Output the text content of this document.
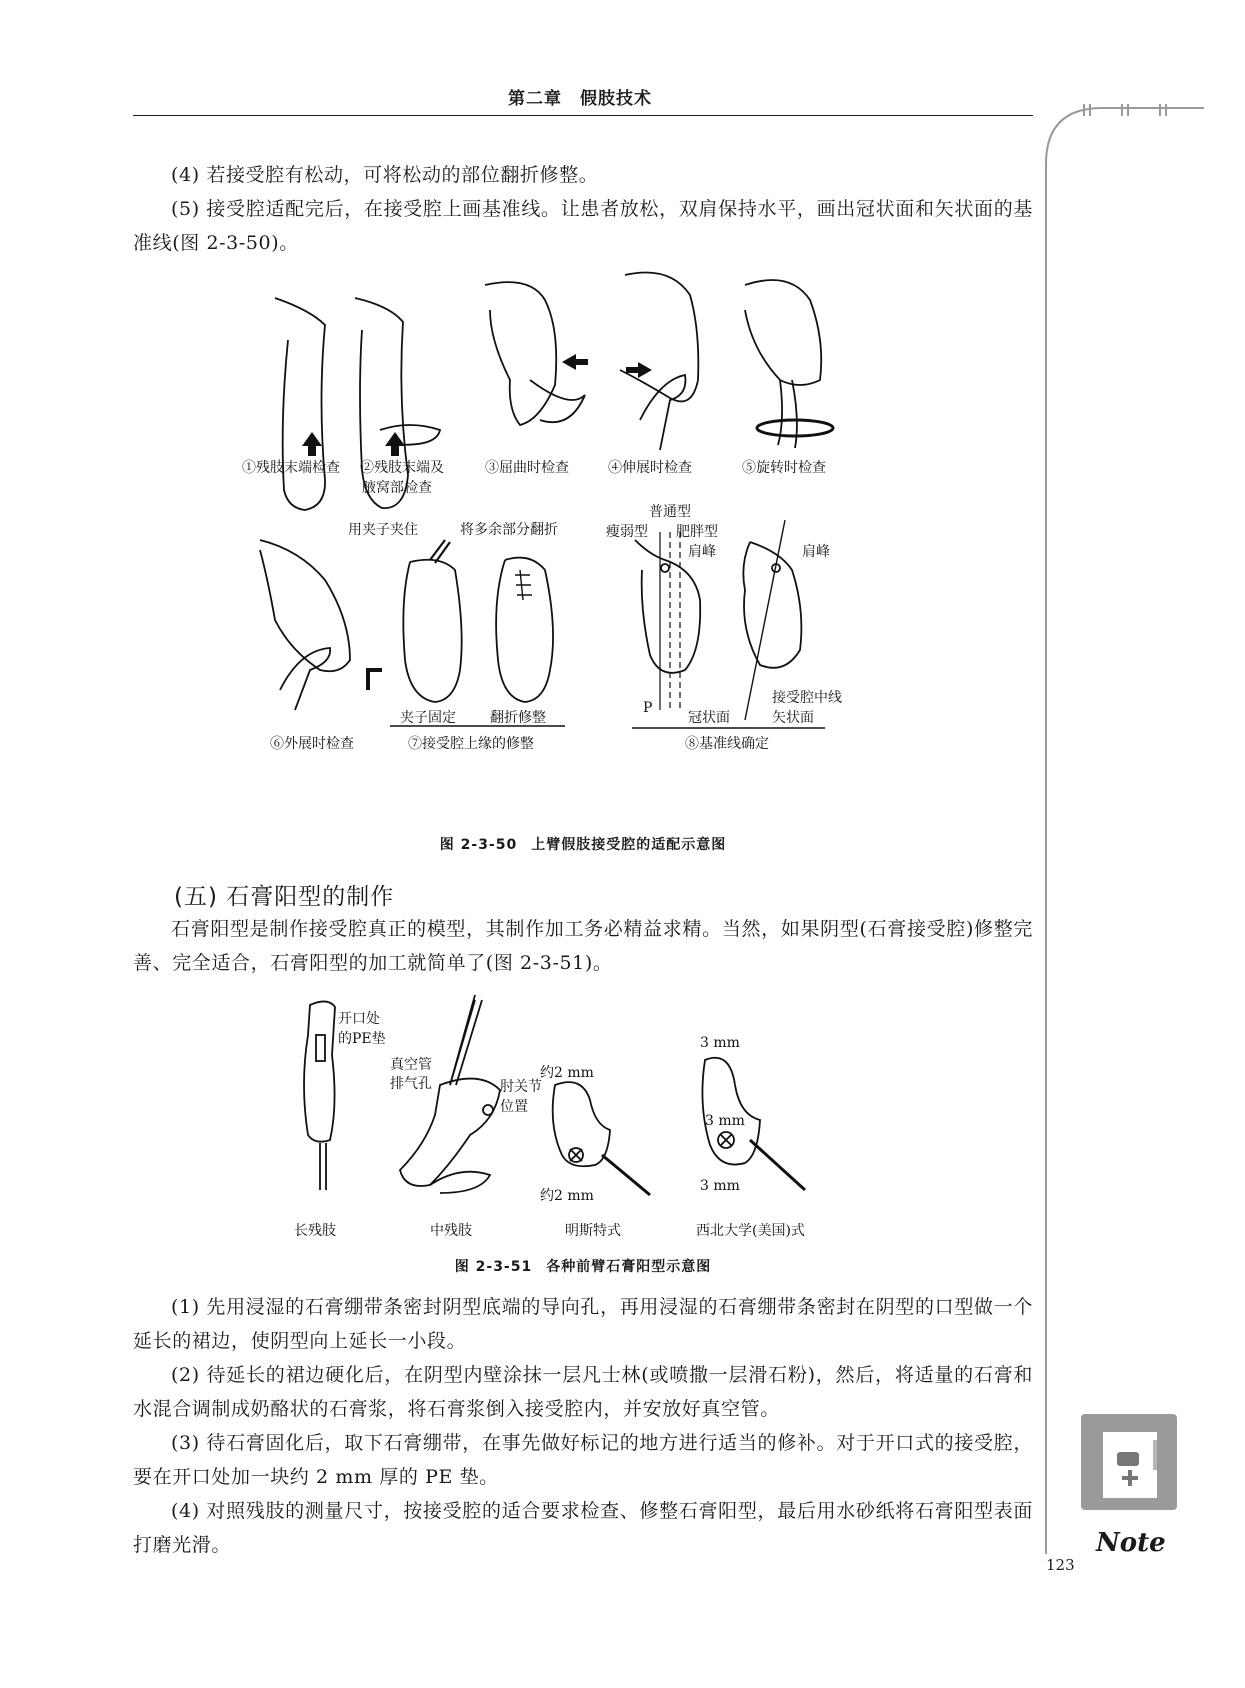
第二章　假肢技术

(4) 若接受腔有松动，可将松动的部位翻折修整。

(5) 接受腔适配完后，在接受腔上画基准线。让患者放松，双肩保持水平，画出冠状面和矢状面的基准线(图 2-3-50)。

①残肢末端检查 ②残肢末端及
腋窝部检查
③屈曲时检查	④伸展时检查	⑤旋转时检查
用夹子夹住	将多余部分翻折
普通型
瘦弱型 肥胖型
肩峰	肩峰
夹子固定 翻折修整
P
冠状面
接受腔中线
矢状面
⑥外展时检查	⑦接受腔上缘的修整	⑧基准线确定
图 2-3-50 上臂假肢接受腔的适配示意图
(五) 石膏阳型的制作

石膏阳型是制作接受腔真正的模型，其制作加工务必精益求精。当然，如果阴型(石膏接受腔)修整完善、完全适合，石膏阳型的加工就简单了(图 2-3-51)。

开口处
的PE垫
真空管
排气孔	肘关节
位置
约2 mm
约2 mm
3 mm
3 mm
3 mm
长残肢	中残肢	明斯特式	西北大学(美国)式
图 2-3-51 各种前臂石膏阳型示意图

(1) 先用浸湿的石膏绷带条密封阴型底端的导向孔，再用浸湿的石膏绷带条密封在阴型的口型做一个延长的裙边，使阴型向上延长一小段。

(2) 待延长的裙边硬化后，在阴型内壁涂抹一层凡士林(或喷撒一层滑石粉)，然后，将适量的石膏和水混合调制成奶酪状的石膏浆，将石膏浆倒入接受腔内，并安放好真空管。

(3) 待石膏固化后，取下石膏绷带，在事先做好标记的地方进行适当的修补。对于开口式的接受腔，要在开口处加一块约 2 mm 厚的 PE 垫。

(4) 对照残肢的测量尺寸，按接受腔的适合要求检查、修整石膏阳型，最后用水砂纸将石膏阳型表面打磨光滑。	Note
123
